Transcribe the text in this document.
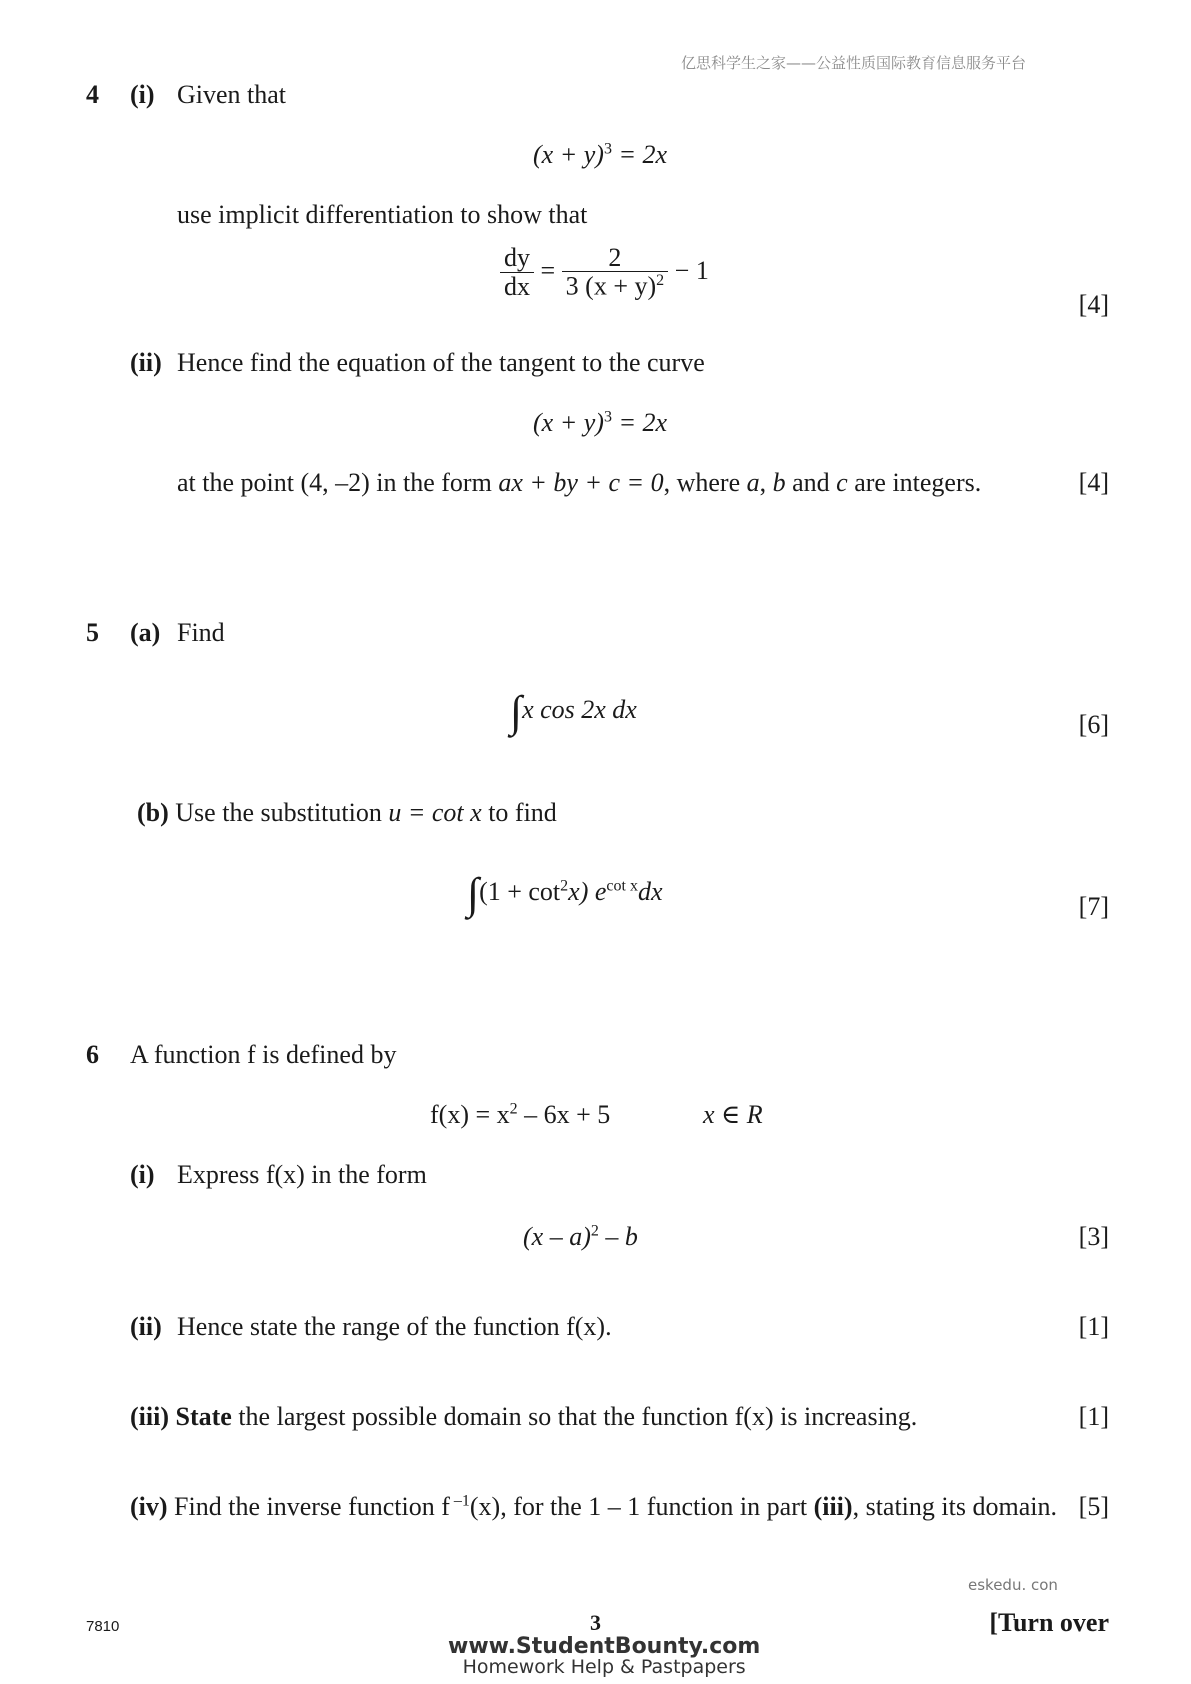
亿思科学生之家——公益性质国际教育信息服务平台
4 (i) Given that
$(x + y)^3 = 2x$
use implicit differentiation to show that
$\frac{dy}{dx} = \frac{2}{3 (x + y)^2} - 1$
[4]
(ii) Hence find the equation of the tangent to the curve
$(x + y)^3 = 2x$
at the point (4, –2) in the form ax + by + c = 0, where a, b and c are integers.	[4]
5 (a) Find
∫x cos 2x dx
[6]
(b) Use the substitution u = cot x to find
$\int(1 + \cot^2x)$ $e^{cot x}dx$
[7]
6 A function f is defined by
$f(x) = x^2 - 6x + 5$	x ∈ R
(i) Express f(x) in the form
(x – a)$^2$ – b	[3]
(ii) Hence state the range of the function f(x).	[1]
(iii) State the largest possible domain so that the function f(x) is increasing.	[1]
(iv) Find the inverse function f $^{-1}$(x), for the 1 – 1 function in part (iii), stating its domain. [5]
eskedu. con
7810	3	[Turn over
www.StudentBounty.com
Homework Help & Pastpapers
